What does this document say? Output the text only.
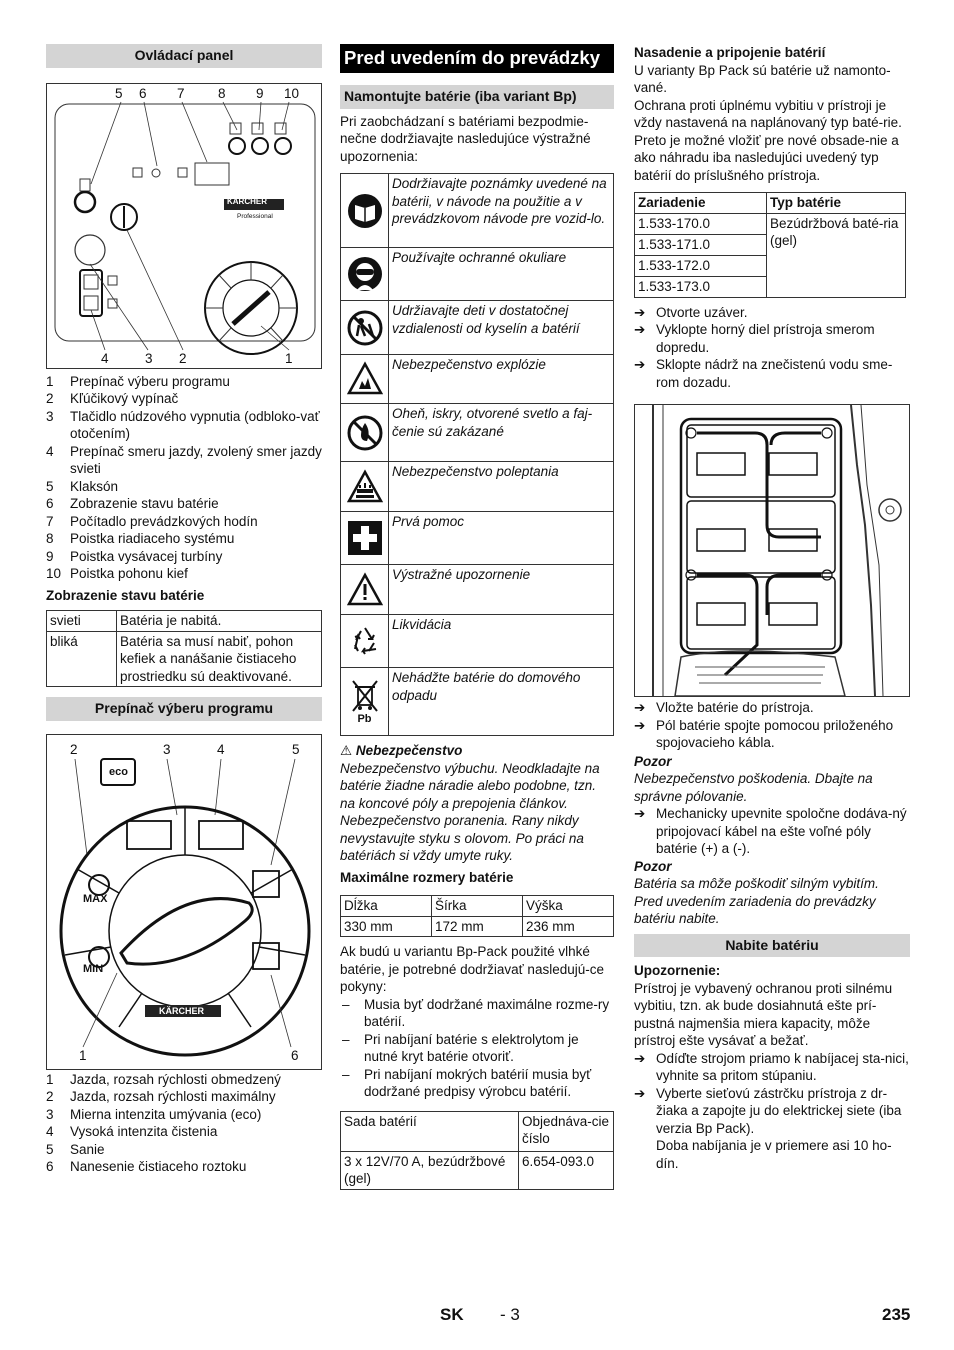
Ovládací panel
5 6 7 8 9 10
KÄRCHER
Professional
4	3 2	1
1	Prepínač výberu programu
2	Kľúčikový vypínač
3	Tlačidlo núdzového vypnutia (odbloko-vať otočením)
4	Prepínač smeru jazdy, zvolený smer jazdy svieti
5	Klaksón
6	Zobrazenie stavu batérie
7	Počítadlo prevádzkových hodín
8	Poistka riadiaceho systému
9	Poistka vysávacej turbíny
10 Poistka pohonu kief
Zobrazenie stavu batérie
svieti	Batéria je nabitá.
bliká	Batéria sa musí nabiť, pohon kefiek a nanášanie čistiaceho prostriedku sú deaktivované.
Prepínač výberu programu
2	3	4	5
eco
MAX
MIN
KÄRCHER
1	6
1	Jazda, rozsah rýchlosti obmedzený
2	Jazda, rozsah rýchlosti maximálny
3	Mierna intenzita umývania (eco)
4	Vysoká intenzita čistenia
5	Sanie
6	Nanesenie čistiaceho roztoku
Pred uvedením do prevádzky
Namontujte batérie (iba variant Bp)

Pri zaobchádzaní s batériami bezpodmie-nečne dodržiavajte nasledujúce výstražné upozornenia:

Dodržiavajte poznámky uvedené na batérii, v návode na použitie a v prevádzkovom návode pre vozid-lo.
Používajte ochranné okuliare
Udržiavajte deti v dostatočnej vzdialenosti od kyselín a batérií
Nebezpečenstvo explózie
Oheň, iskry, otvorené svetlo a faj-čenie sú zakázané
Nebezpečenstvo poleptania
Prvá pomoc
Výstražné upozornenie
Likvidácia
Pb
Nehádžte batérie do domového odpadu
⚠ Nebezpečenstvo

Nebezpečenstvo výbuchu. Neodkladajte na batérie žiadne náradie alebo podobne, tzn. na koncové póly a prepojenia článkov. Nebezpečenstvo poranenia. Rany nikdy nevystavujte styku s olovom. Po práci na batériách si vždy umyte ruky.

Maximálne rozmery batérie
Dĺžka	Šírka	Výška
330 mm	172 mm	236 mm

Ak budú u variantu Bp-Pack použité vlhké batérie, je potrebné dodržiavať nasledujú-ce pokyny:

–	Musia byť dodržané maximálne rozme-ry batérií.
–	Pri nabíjaní batérie s elektrolytom je nutné kryt batérie otvoriť.
–	Pri nabíjaní mokrých batérií musia byť dodržané predpisy výrobcu batérií.
Sada batérií	Objednáva-cie číslo
3 x 12V/70 A, bezúdržbové (gel)	6.654-093.0
Nasadenie a pripojenie batérií

U varianty Bp Pack sú batérie už namonto-vané.

Ochrana proti úplnému vybitiu v prístroji je vždy nastavená na naplánovaný typ baté-rie. Preto je možné vložiť pre nové obsade-nie a ako náhradu iba nasledujúci uvedený typ batérií do príslušného prístroja.

Zariadenie	Typ batérie
1.533-170.0	Bezúdržbová baté-ria (gel)
1.533-171.0	
1.533-172.0	
1.533-173.0	
➔ Otvorte uzáver.
➔ Vyklopte horný diel prístroja smerom dopredu.
➔ Sklopte nádrž na znečistenú vodu sme-rom dozadu.
➔ Vložte batérie do prístroja.
➔ Pól batérie spojte pomocou priloženého spojovacieho kábla.
Pozor

Nebezpečenstvo poškodenia. Dbajte na správne pólovanie.

➔ Mechanicky upevnite spoločne dodáva-ný pripojovací kábel na ešte voľné póly batérie (+) a (-).
Pozor

Batéria sa môže poškodiť silným vybitím. Pred uvedením zariadenia do prevádzky batériu nabite.

Nabite batériu
Upozornenie:

Prístroj je vybavený ochranou proti silnému vybitiu, tzn. ak bude dosiahnutá ešte prí-pustná najmenšia miera kapacity, môže prístroj ešte vysávať a bežať.

➔ Odíďte strojom priamo k nabíjacej sta-nici, vyhnite sa pritom stúpaniu.
➔ Vyberte sieťovú zástrčku prístroja z dr-žiaka a zapojte ju do elektrickej siete (iba verzia Bp Pack).

Doba nabíjania je v priemere asi 10 ho-dín.

SK - 3	235
